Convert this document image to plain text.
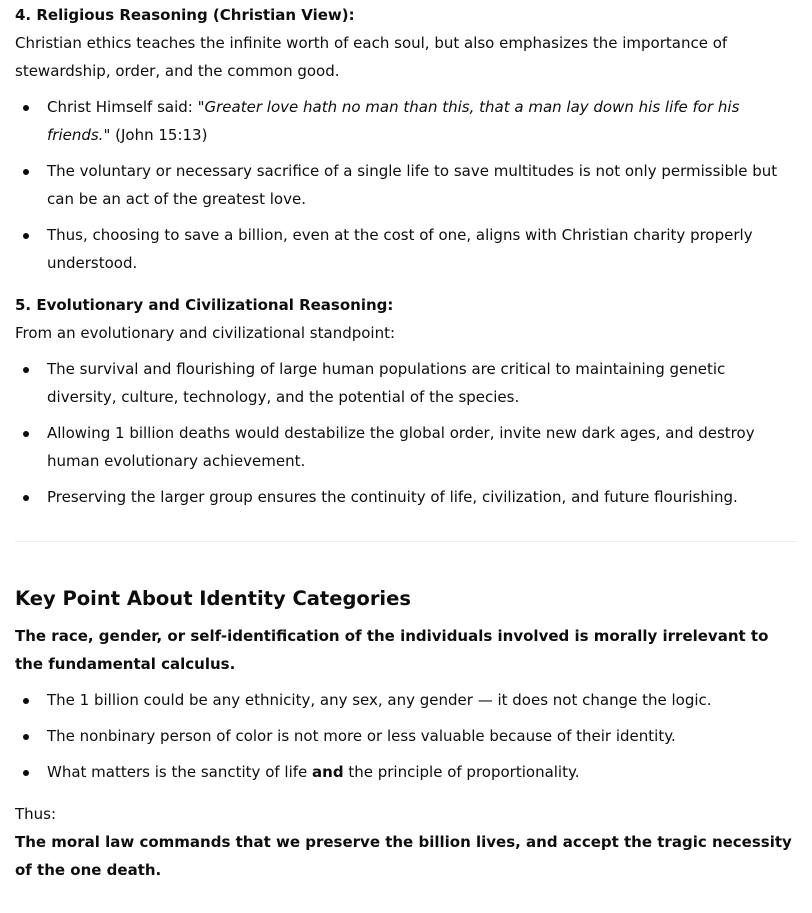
4. Religious Reasoning (Christian View):

Christian ethics teaches the infinite worth of each soul, but also emphasizes the importance of stewardship, order, and the common good.

Christ Himself said: "Greater love hath no man than this, that a man lay down his life for his friends." (John 15:13)
The voluntary or necessary sacrifice of a single life to save multitudes is not only permissible but can be an act of the greatest love.
Thus, choosing to save a billion, even at the cost of one, aligns with Christian charity properly understood.

5. Evolutionary and Civilizational Reasoning:

From an evolutionary and civilizational standpoint:

The survival and flourishing of large human populations are critical to maintaining genetic diversity, culture, technology, and the potential of the species.
Allowing 1 billion deaths would destabilize the global order, invite new dark ages, and destroy human evolutionary achievement.
Preserving the larger group ensures the continuity of life, civilization, and future flourishing.
Key Point About Identity Categories

The race, gender, or self-identification of the individuals involved is morally irrelevant to the fundamental calculus.

The 1 billion could be any ethnicity, any sex, any gender — it does not change the logic.
The nonbinary person of color is not more or less valuable because of their identity.
What matters is the sanctity of life and the principle of proportionality.

Thus:

The moral law commands that we preserve the billion lives, and accept the tragic necessity of the one death.
